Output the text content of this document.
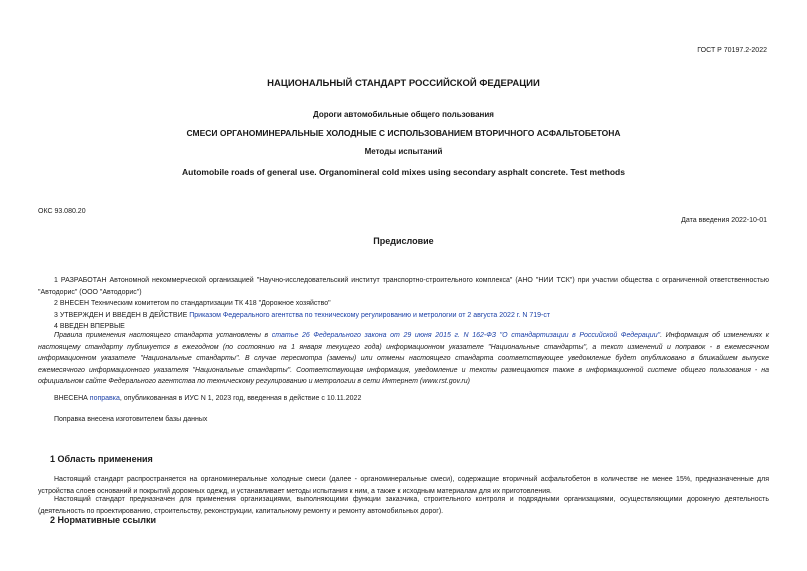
ГОСТ Р 70197.2-2022
НАЦИОНАЛЬНЫЙ СТАНДАРТ РОССИЙСКОЙ ФЕДЕРАЦИИ
Дороги автомобильные общего пользования
СМЕСИ ОРГАНОМИНЕРАЛЬНЫЕ ХОЛОДНЫЕ С ИСПОЛЬЗОВАНИЕМ ВТОРИЧНОГО АСФАЛЬТОБЕТОНА
Методы испытаний
Automobile roads of general use. Organomineral cold mixes using secondary asphalt concrete. Test methods
ОКС 93.080.20
Дата введения 2022-10-01
Предисловие

1 РАЗРАБОТАН Автономной некоммерческой организацией "Научно-исследовательский институт транспортно-строительного комплекса" (АНО "НИИ ТСК") при участии общества с ограниченной ответственностью "Автодорис" (ООО "Автодорис")

2 ВНЕСЕН Техническим комитетом по стандартизации ТК 418 "Дорожное хозяйство"

3 УТВЕРЖДЕН И ВВЕДЕН В ДЕЙСТВИЕ Приказом Федерального агентства по техническому регулированию и метрологии от 2 августа 2022 г. N 719-ст

4 ВВЕДЕН ВПЕРВЫЕ

Правила применения настоящего стандарта установлены в статье 26 Федерального закона от 29 июня 2015 г. N 162-ФЗ "О стандартизации в Российской Федерации". Информация об изменениях к настоящему стандарту публикуется в ежегодном (по состоянию на 1 января текущего года) информационном указателе "Национальные стандарты", а текст изменений и поправок - в ежемесячном информационном указателе "Национальные стандарты". В случае пересмотра (замены) или отмены настоящего стандарта соответствующее уведомление будет опубликовано в ближайшем выпуске ежемесячного информационного указателя "Национальные стандарты". Соответствующая информация, уведомление и тексты размещаются также в информационной системе общего пользования - на официальном сайте Федерального агентства по техническому регулированию и метрологии в сети Интернет (www.rst.gov.ru)

ВНЕСЕНА поправка, опубликованная в ИУС N 1, 2023 год, введенная в действие с 10.11.2022

Поправка внесена изготовителем базы данных

1 Область применения

Настоящий стандарт распространяется на органоминеральные холодные смеси (далее - органоминеральные смеси), содержащие вторичный асфальтобетон в количестве не менее 15%, предназначенные для устройства слоев оснований и покрытий дорожных одежд, и устанавливает методы испытания к ним, а также к исходным материалам для их приготовления.

Настоящий стандарт предназначен для применения организациями, выполняющими функции заказчика, строительного контроля и подрядными организациями, осуществляющими дорожную деятельность (деятельность по проектированию, строительству, реконструкции, капитальному ремонту и ремонту автомобильных дорог).

2 Нормативные ссылки
